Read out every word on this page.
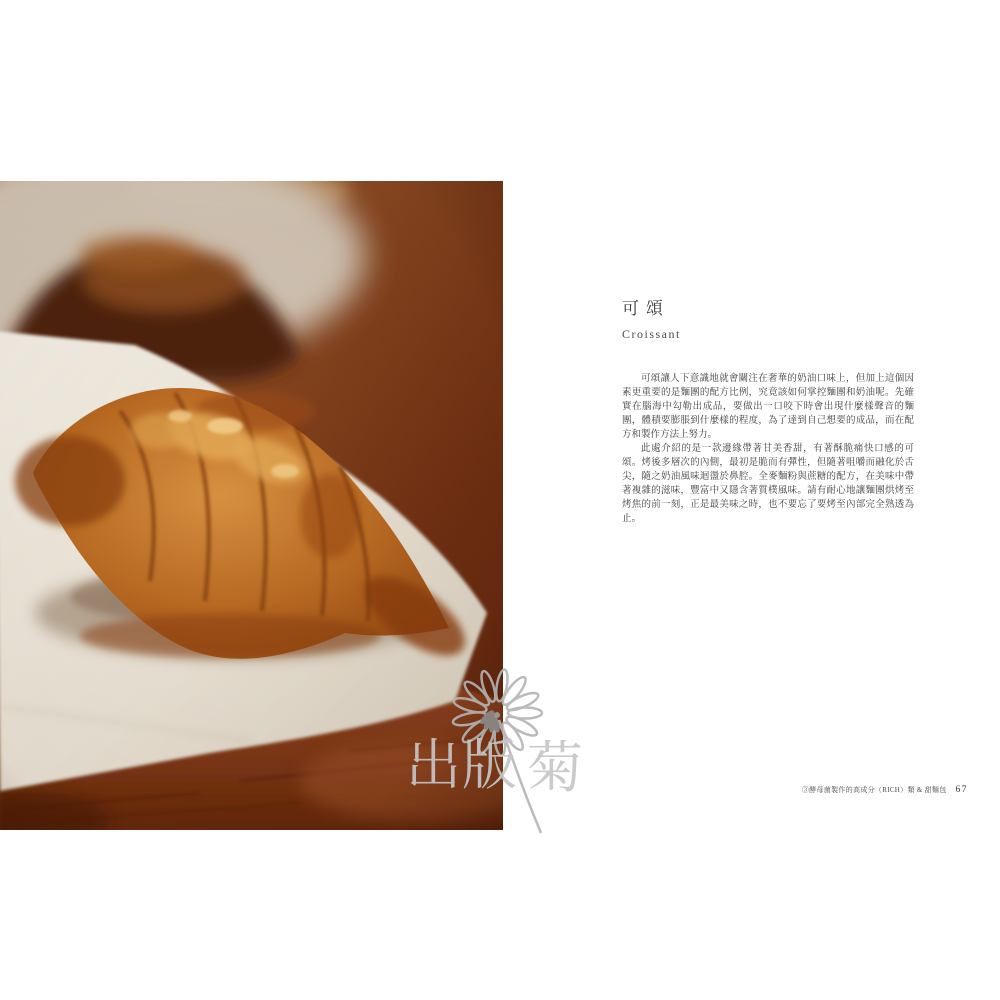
可頌
Croissant

可頌讓人下意識地就會關注在奢華的奶油口味上，但加上這個因素更重要的是麵團的配方比例，究竟該如何掌控麵團和奶油呢。先確實在腦海中勾勒出成品，要做出一口咬下時會出現什麼樣聲音的麵團，體積要膨脹到什麼樣的程度，為了達到自己想要的成品，而在配方和製作方法上努力。

此處介紹的是一款邊緣帶著甘美香甜，有著酥脆痛快口感的可頌。烤後多層次的內側，最初是脆而有彈性，但隨著咀嚼而融化於舌尖，隨之奶油風味迴盪於鼻腔。全麥麵粉與蔗糖的配方，在美味中帶著複雜的滋味，豐富中又隱含著質樸風味。請有耐心地讓麵團烘烤至烤焦的前一刻，正是最美味之時，也不要忘了要烤至內部完全熟透為止。

出版 菊	③酵母菌製作的高成分（RICH）類 & 甜麵包 67
